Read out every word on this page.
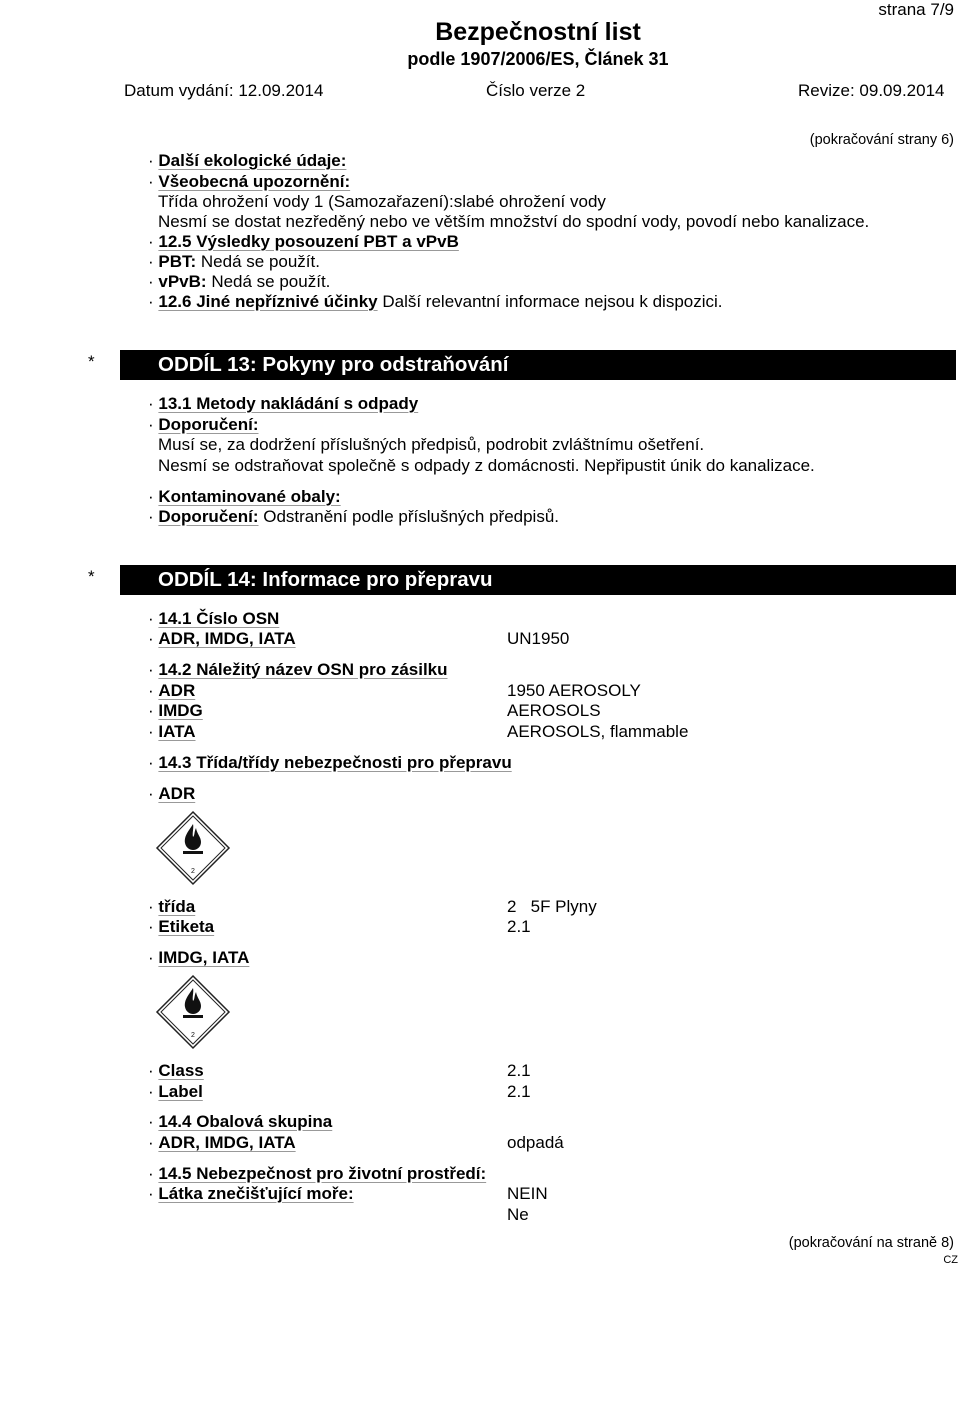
strana 7/9
Bezpečnostní list
podle 1907/2006/ES, Článek 31
Datum vydání: 12.09.2014	Číslo verze 2	Revize: 09.09.2014
(pokračování strany 6)
· Další ekologické údaje:
· Všeobecná upozornění:
Třída ohrožení vody 1 (Samozařazení):slabé ohrožení vody
Nesmí se dostat nezředěný nebo ve větším množství do spodní vody, povodí nebo kanalizace.
· 12.5 Výsledky posouzení PBT a vPvB
· PBT: Nedá se použít.
· vPvB: Nedá se použít.
· 12.6 Jiné nepříznivé účinky Další relevantní informace nejsou k dispozici.
*	ODDÍL 13: Pokyny pro odstraňování
· 13.1 Metody nakládání s odpady
· Doporučení:
Musí se, za dodržení příslušných předpisů, podrobit zvláštnímu ošetření.
Nesmí se odstraňovat společně s odpady z domácnosti. Nepřipustit únik do kanalizace.
· Kontaminované obaly:
· Doporučení: Odstranění podle příslušných předpisů.
*	ODDÍL 14: Informace pro přepravu
· 14.1 Číslo OSN
· ADR, IMDG, IATA	UN1950
· 14.2 Náležitý název OSN pro zásilku
· ADR	1950 AEROSOLY
· IMDG	AEROSOLS
· IATA	AEROSOLS, flammable
· 14.3 Třída/třídy nebezpečnosti pro přepravu
· ADR
2
· třída	2   5F Plyny
· Etiketa	2.1
· IMDG, IATA
2
· Class	2.1
· Label	2.1
· 14.4 Obalová skupina
· ADR, IMDG, IATA	odpadá
· 14.5 Nebezpečnost pro životní prostředí:
· Látka znečišťující moře:	NEIN
Ne
(pokračování na straně 8)
CZ
